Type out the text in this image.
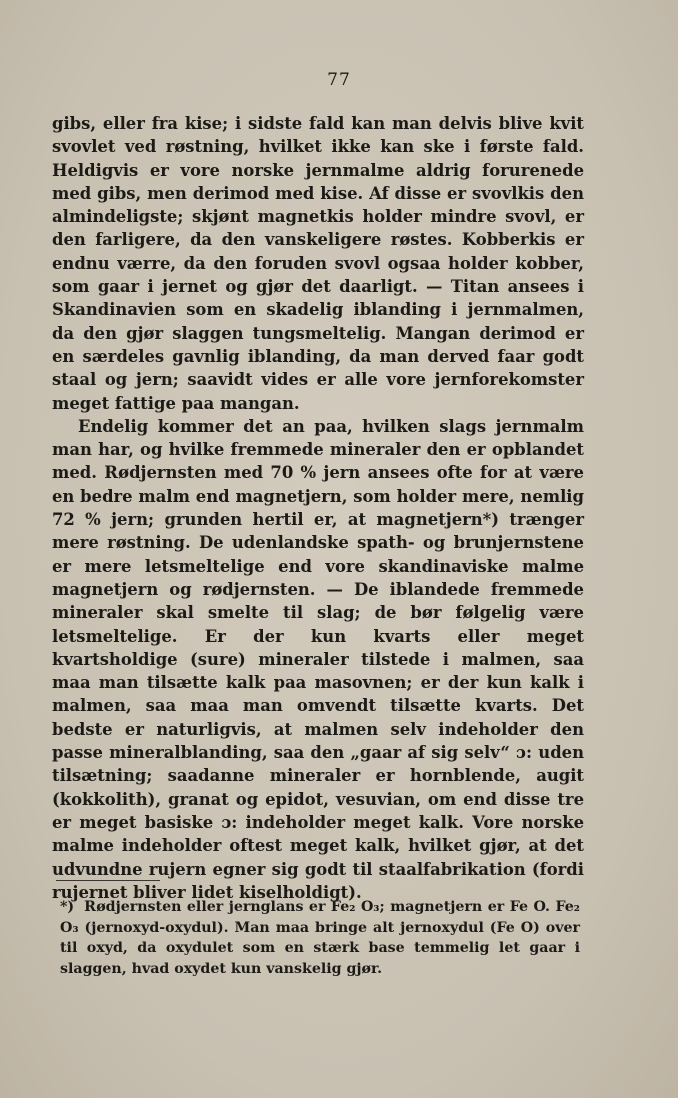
77

gibs, eller fra kise; i sidste fald kan man delvis blive kvit svovlet ved røstning, hvilket ikke kan ske i første fald. Heldigvis er vore norske jernmalme aldrig forurenede med gibs, men derimod med kise. Af disse er svovlkis den almindeligste; skjønt magnetkis holder mindre svovl, er den farligere, da den vanskeligere røstes. Kobberkis er endnu værre, da den foruden svovl ogsaa holder kobber, som gaar i jernet og gjør det daarligt. — Titan ansees i Skandinavien som en skadelig iblanding i jernmalmen, da den gjør slaggen tungsmeltelig. Mangan derimod er en særdeles gavnlig iblanding, da man derved faar godt staal og jern; saavidt vides er alle vore jernforekomster meget fattige paa mangan.

Endelig kommer det an paa, hvilken slags jernmalm man har, og hvilke fremmede mineraler den er opblandet med. Rødjernsten med 70 % jern ansees ofte for at være en bedre malm end magnetjern, som holder mere, nemlig 72 % jern; grunden hertil er, at magnetjern*) trænger mere røstning. De udenlandske spath- og brunjernstene er mere letsmeltelige end vore skandinaviske malme magnetjern og rødjernsten. — De iblandede fremmede mineraler skal smelte til slag; de bør følgelig være letsmeltelige. Er der kun kvarts eller meget kvartsholdige (sure) mineraler tilstede i malmen, saa maa man tilsætte kalk paa masovnen; er der kun kalk i malmen, saa maa man omvendt tilsætte kvarts. Det bedste er naturligvis, at malmen selv indeholder den passe mineralblanding, saa den „gaar af sig selv“ ɔ: uden tilsætning; saadanne mineraler er hornblende, augit (kokkolith), granat og epidot, vesuvian, om end disse tre er meget basiske ɔ: indeholder meget kalk. Vore norske malme indeholder oftest meget kalk, hvilket gjør, at det udvundne rujern egner sig godt til staalfabrikation (fordi rujernet bliver lidet kiselholdigt).

*) Rødjernsten eller jernglans er Fe₂ O₃; magnetjern er Fe O. Fe₂ O₃ (jernoxyd-oxydul). Man maa bringe alt jernoxydul (Fe O) over til oxyd, da oxydulet som en stærk base temmelig let gaar i slaggen, hvad oxydet kun vanskelig gjør.
